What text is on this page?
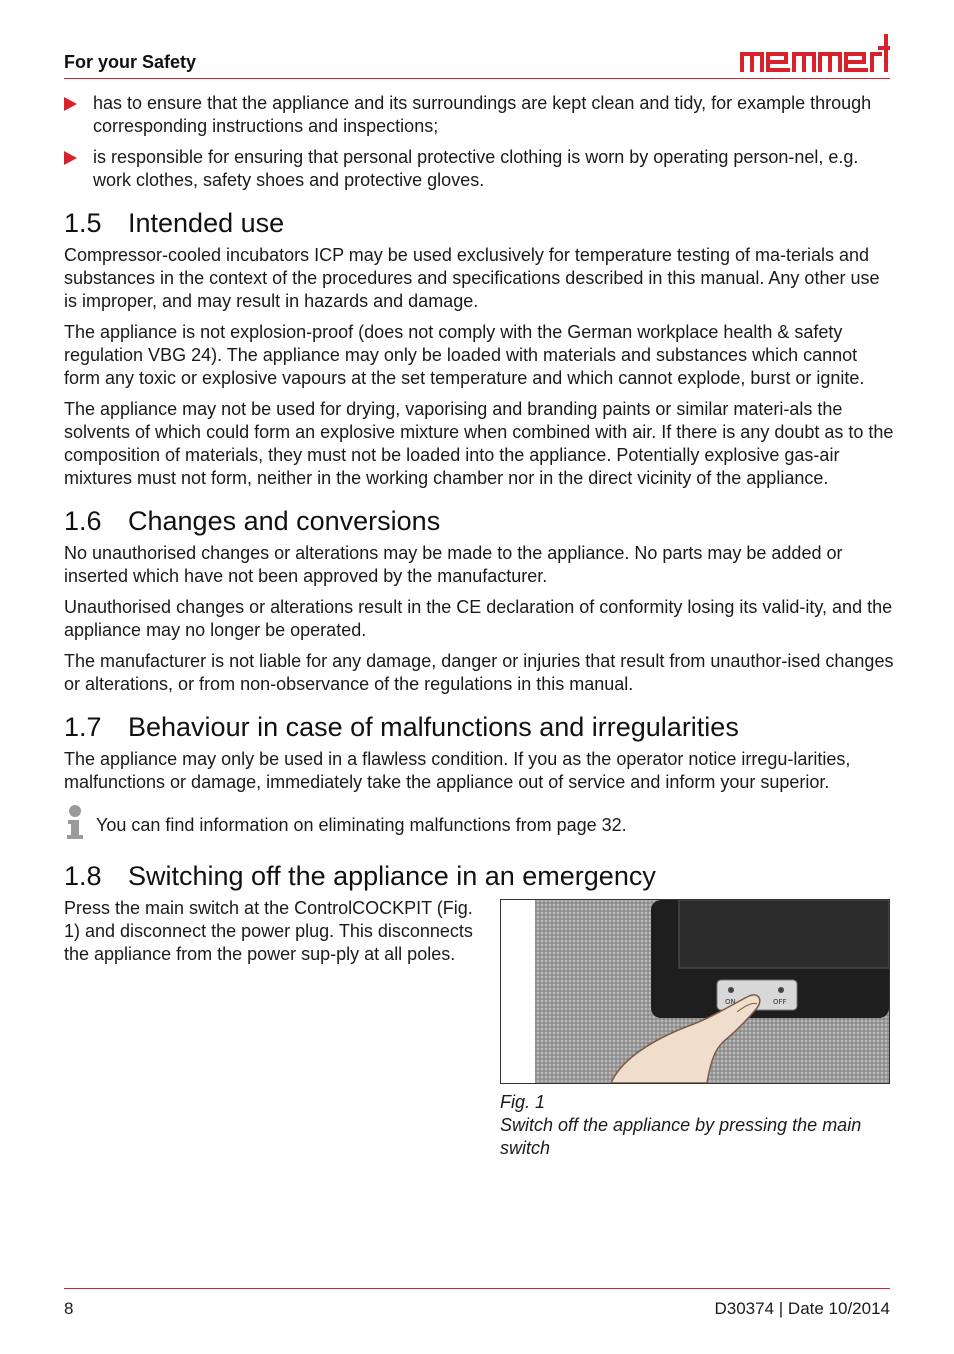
For your Safety

has to ensure that the appliance and its surroundings are kept clean and tidy, for example through corresponding instructions and inspections;

is responsible for ensuring that personal protective clothing is worn by operating person-nel, e.g. work clothes, safety shoes and protective gloves.

1.5 Intended use

Compressor-cooled incubators ICP may be used exclusively for temperature testing of ma-terials and substances in the context of the procedures and specifications described in this manual. Any other use is improper, and may result in hazards and damage.

The appliance is not explosion-proof (does not comply with the German workplace health & safety regulation VBG 24). The appliance may only be loaded with materials and substances which cannot form any toxic or explosive vapours at the set temperature and which cannot explode, burst or ignite.

The appliance may not be used for drying, vaporising and branding paints or similar materi-als the solvents of which could form an explosive mixture when combined with air. If there is any doubt as to the composition of materials, they must not be loaded into the appliance. Potentially explosive gas-air mixtures must not form, neither in the working chamber nor in the direct vicinity of the appliance.

1.6 Changes and conversions

No unauthorised changes or alterations may be made to the appliance. No parts may be added or inserted which have not been approved by the manufacturer.

Unauthorised changes or alterations result in the CE declaration of conformity losing its valid-ity, and the appliance may no longer be operated.

The manufacturer is not liable for any damage, danger or injuries that result from unauthor-ised changes or alterations, or from non-observance of the regulations in this manual.

1.7 Behaviour in case of malfunctions and irregularities

The appliance may only be used in a flawless condition. If you as the operator notice irregu-larities, malfunctions or damage, immediately take the appliance out of service and inform your superior.

You can find information on eliminating malfunctions from page 32.

1.8 Switching off the appliance in an emergency

Press the main switch at the ControlCOCKPIT (Fig. 1) and disconnect the power plug. This disconnects the appliance from the power sup-ply at all poles.

ON	OFF
Fig. 1
Switch off the appliance by pressing the main switch
8	D30374 | Date 10/2014
